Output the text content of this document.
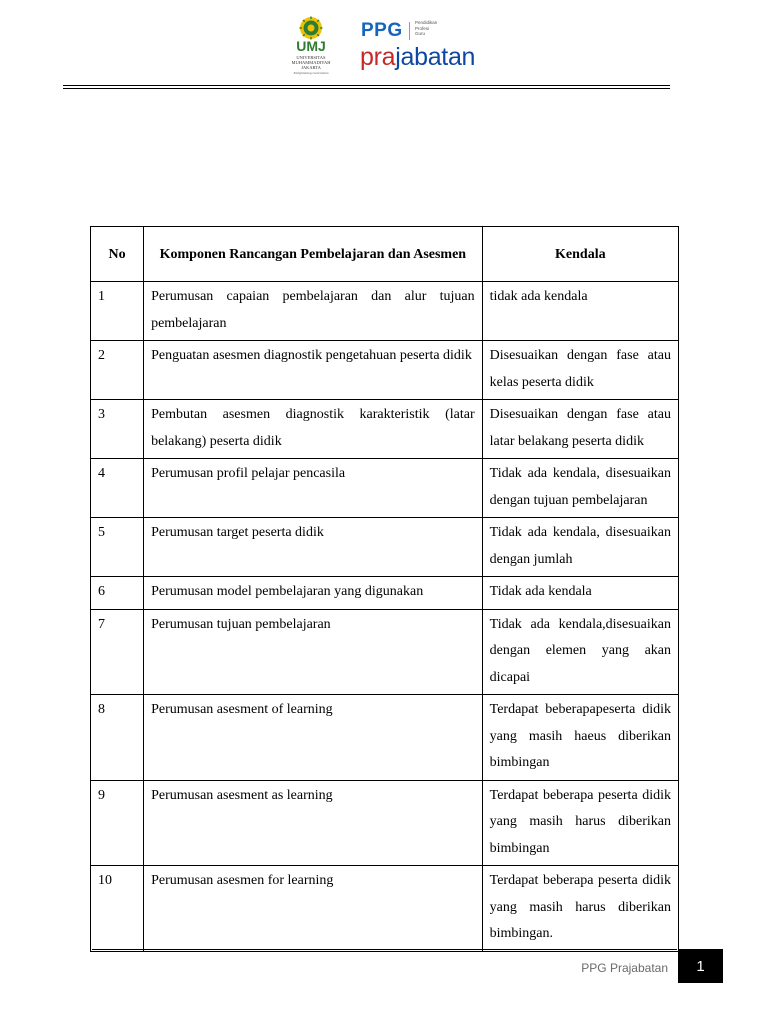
UMJ
UNIVERSITAS MUHAMMADIYAH JAKARTA
Enlightening Generation
PPG	Pendidikan
Profesi
Guru
prajabatan
No	Komponen Rancangan Pembelajaran dan Asesmen	Kendala
1	Perumusan capaian pembelajaran dan alur tujuan pembelajaran	tidak ada kendala
2	Penguatan asesmen diagnostik pengetahuan peserta didik	Disesuaikan dengan fase atau kelas peserta didik
3	Pembutan asesmen diagnostik karakteristik (latar belakang) peserta didik	Disesuaikan dengan fase atau latar belakang peserta didik
4	Perumusan profil pelajar pencasila	Tidak ada kendala, disesuaikan dengan tujuan pembelajaran
5	Perumusan target peserta didik	Tidak ada kendala, disesuaikan dengan jumlah
6	Perumusan model pembelajaran yang digunakan	Tidak ada kendala
7	Perumusan tujuan pembelajaran	Tidak ada kendala,disesuaikan dengan elemen yang akan dicapai
8	Perumusan asesment of learning	Terdapat beberapapeserta didik yang masih haeus diberikan bimbingan
9	Perumusan asesment as learning	Terdapat beberapa peserta didik yang masih harus diberikan bimbingan
10	Perumusan asesmen for learning	Terdapat beberapa peserta didik yang masih harus diberikan bimbingan.
PPG Prajabatan	1
